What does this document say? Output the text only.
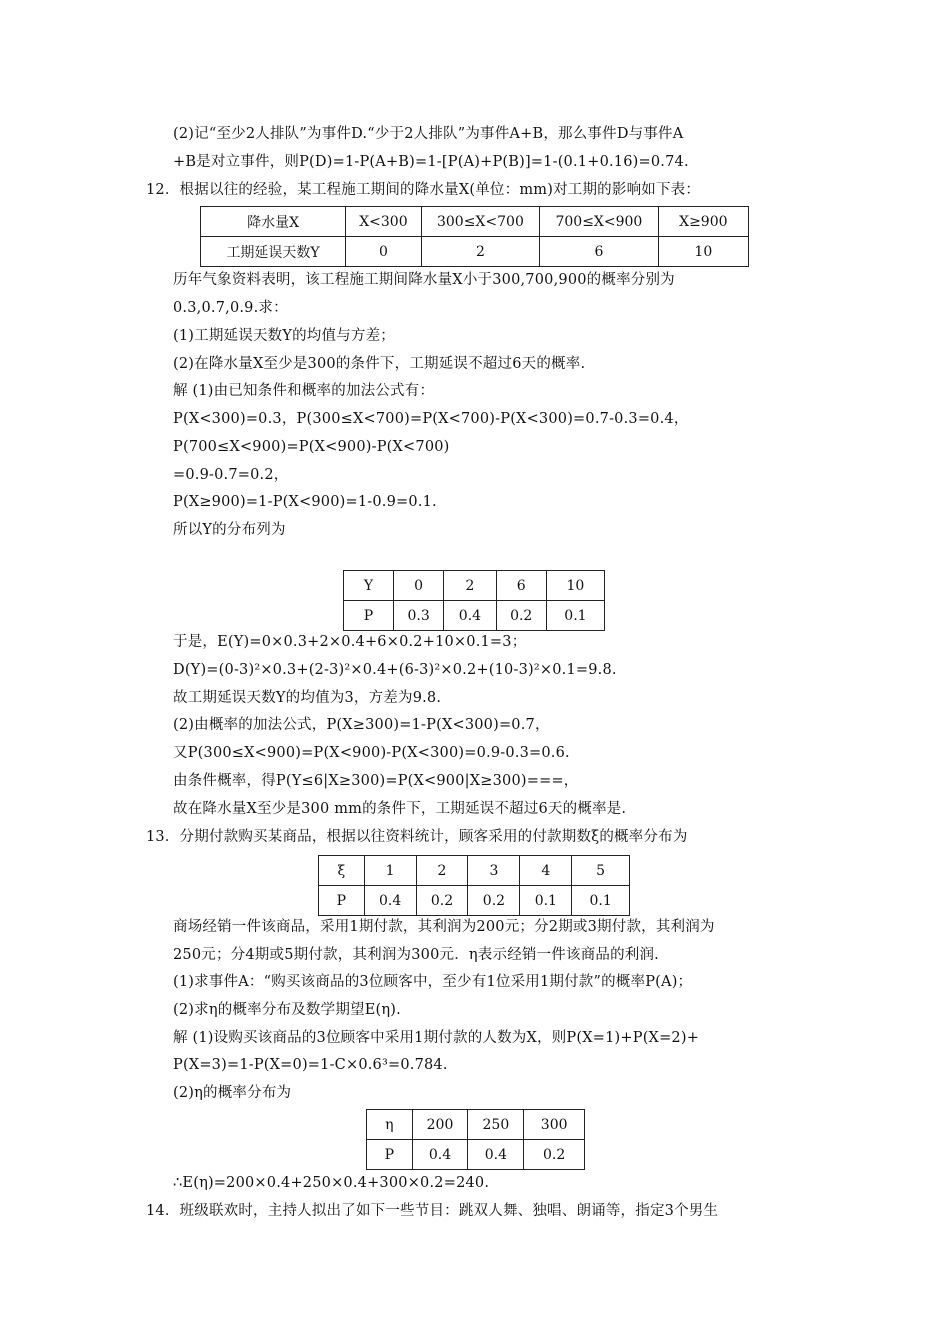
(2)记“至少2人排队”为事件D.“少于2人排队”为事件A+B，那么事件D与事件A
+B是对立事件，则P(D)=1-P(A+B)=1-[P(A)+P(B)]=1-(0.1+0.16)=0.74.
12．根据以往的经验，某工程施工期间的降水量X(单位：mm)对工期的影响如下表：
降水量X	X<300	300≤X<700	700≤X<900	X≥900
工期延误天数Y	0	2	6	10
历年气象资料表明，该工程施工期间降水量X小于300,700,900的概率分别为
0.3,0.7,0.9.求：
(1)工期延误天数Y的均值与方差；
(2)在降水量X至少是300的条件下，工期延误不超过6天的概率.
解 (1)由已知条件和概率的加法公式有：
P(X<300)=0.3，P(300≤X<700)=P(X<700)-P(X<300)=0.7-0.3=0.4，
P(700≤X<900)=P(X<900)-P(X<700)
=0.9-0.7=0.2，
P(X≥900)=1-P(X<900)=1-0.9=0.1.
所以Y的分布列为
Y	0	2	6	10
P	0.3	0.4	0.2	0.1
于是，E(Y)=0×0.3+2×0.4+6×0.2+10×0.1=3；
D(Y)=(0-3)²×0.3+(2-3)²×0.4+(6-3)²×0.2+(10-3)²×0.1=9.8.
故工期延误天数Y的均值为3，方差为9.8.
(2)由概率的加法公式，P(X≥300)=1-P(X<300)=0.7，
又P(300≤X<900)=P(X<900)-P(X<300)=0.9-0.3=0.6.
由条件概率，得P(Y≤6|X≥300)=P(X<900|X≥300)===，
故在降水量X至少是300 mm的条件下，工期延误不超过6天的概率是.
13．分期付款购买某商品，根据以往资料统计，顾客采用的付款期数ξ的概率分布为
ξ	1	2	3	4	5
P	0.4	0.2	0.2	0.1	0.1
商场经销一件该商品，采用1期付款，其利润为200元；分2期或3期付款，其利润为
250元；分4期或5期付款，其利润为300元．η表示经销一件该商品的利润.
(1)求事件A：“购买该商品的3位顾客中，至少有1位采用1期付款”的概率P(A)；
(2)求η的概率分布及数学期望E(η).
解 (1)设购买该商品的3位顾客中采用1期付款的人数为X，则P(X=1)+P(X=2)+
P(X=3)=1-P(X=0)=1-C×0.6³=0.784.
(2)η的概率分布为
η	200	250	300
P	0.4	0.4	0.2
∴E(η)=200×0.4+250×0.4+300×0.2=240.
14．班级联欢时，主持人拟出了如下一些节目：跳双人舞、独唱、朗诵等，指定3个男生
